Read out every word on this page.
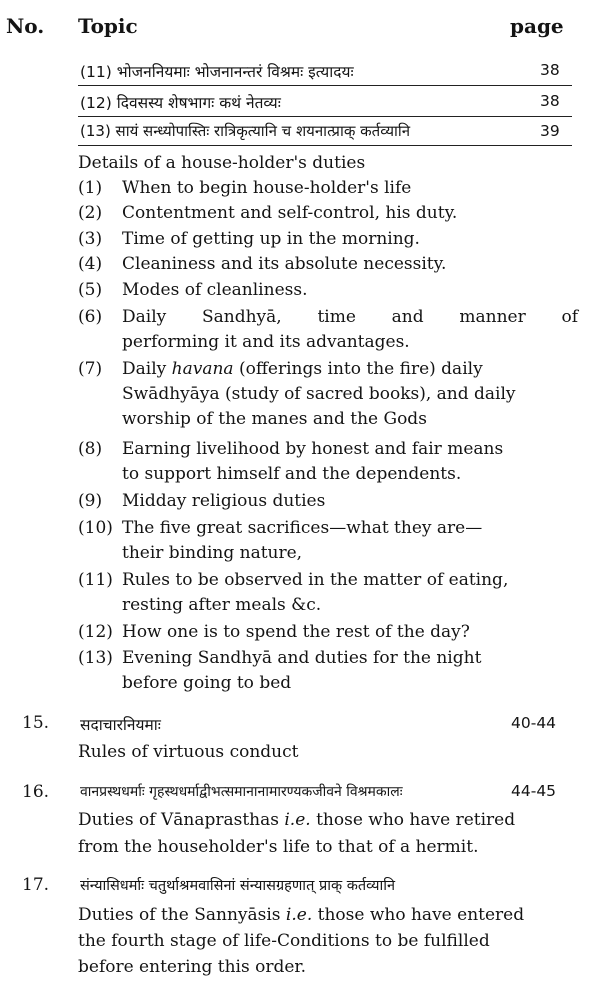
No. Topic	page
(11) भोजननियमाः भोजनानन्तरं विश्रमः इत्यादयः	38
(12) दिवसस्य शेषभागः कथं नेतव्यः	38
(13) सायं सन्ध्योपास्तिः रात्रिकृत्यानि च शयनात्प्राक् कर्तव्यानि	39
Details of a house-holder's duties
(1)	When to begin house-holder's life
(2)	Contentment and self-control, his duty.
(3)	Time of getting up in the morning.
(4)	Cleaniness and its absolute necessity.
(5)	Modes of cleanliness.
(6)	Daily Sandhyā, time and manner of
performing it and its advantages.
(7)	Daily havana (offerings into the fire) daily
Swādhyāya (study of sacred books), and daily
worship of the manes and the Gods
(8)	Earning livelihood by honest and fair means
to support himself and the dependents.
(9)	Midday religious duties
(10) The five great sacrifices—what they are—
their binding nature,
(11) Rules to be observed in the matter of eating,
resting after meals &c.
(12) How one is to spend the rest of the day?
(13) Evening Sandhyā and duties for the night
before going to bed
15. सदाचारनियमाः	40-44
Rules of virtuous conduct
16. वानप्रस्थधर्माः गृहस्थधर्माद्वीभत्समानानामारण्यकजीवने विश्रमकालः	44-45
Duties of Vānaprasthas i.e. those who have retired
from the householder's life to that of a hermit.
17. संन्यासिधर्माः चतुर्थाश्रमवासिनां संन्यासग्रहणात् प्राक् कर्तव्यानि
Duties of the Sannyāsis i.e. those who have entered
the fourth stage of life-Conditions to be fulfilled
before entering this order.
